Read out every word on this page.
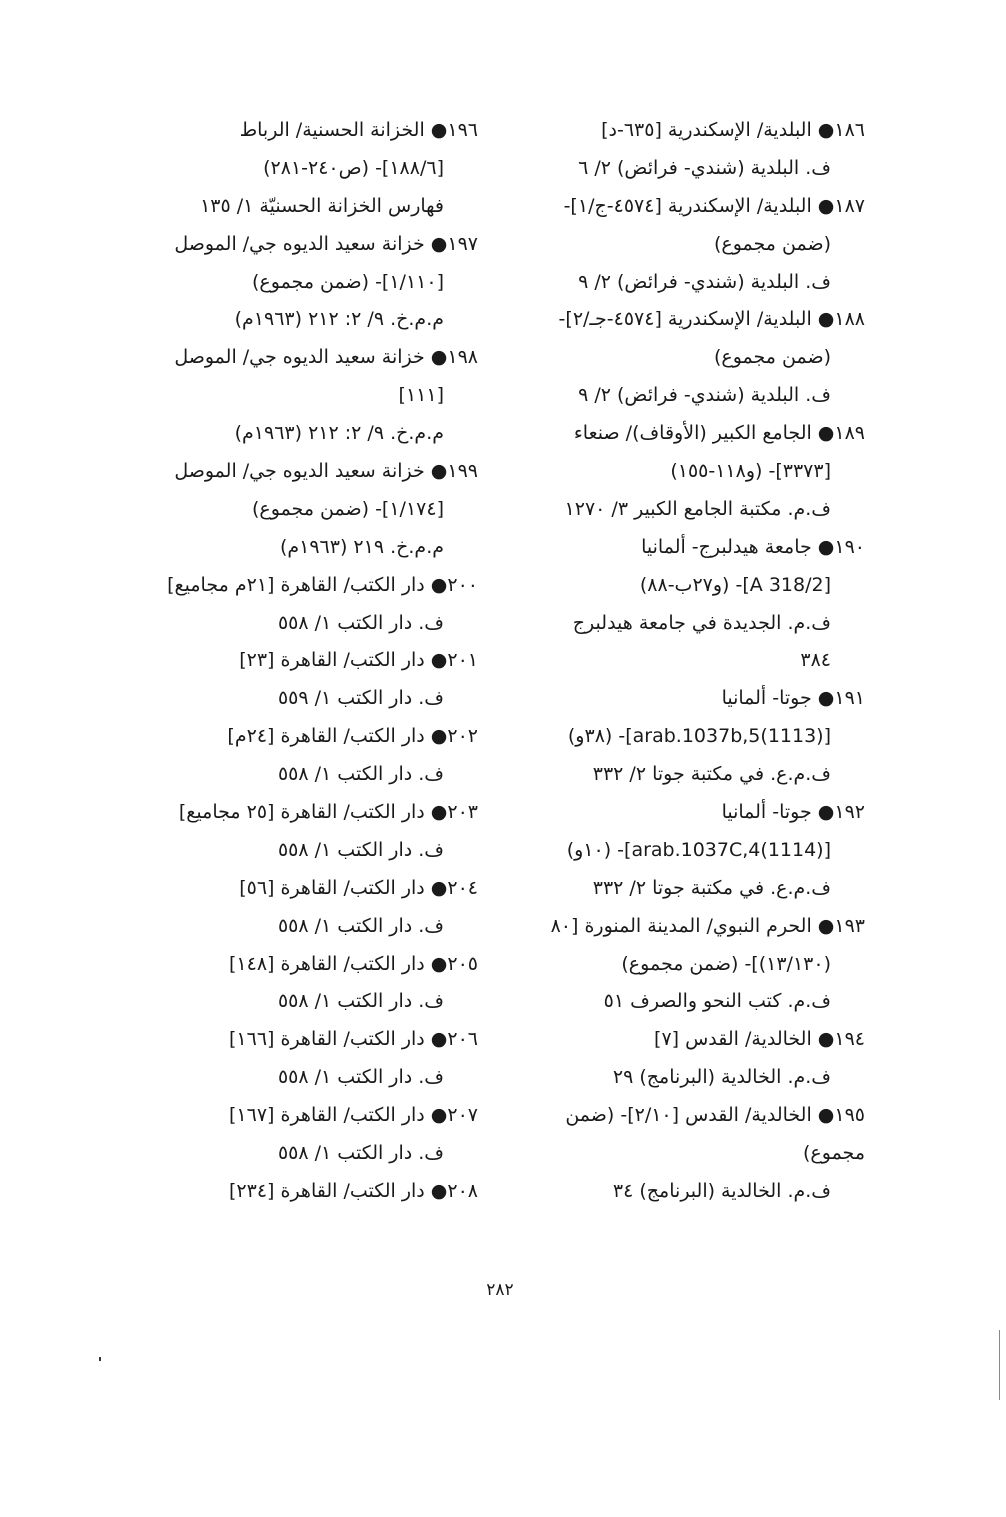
١٨٦● البلدية/ الإسكندرية [٦٣٥-د]
ف. البلدية (شندي- فرائض) ٢/ ٦
١٨٧● البلدية/ الإسكندرية [٤٥٧٤-ج/١]-
(ضمن مجموع)
ف. البلدية (شندي- فرائض) ٢/ ٩
١٨٨● البلدية/ الإسكندرية [٤٥٧٤-جـ/٢]-
(ضمن مجموع)
ف. البلدية (شندي- فرائض) ٢/ ٩
١٨٩● الجامع الكبير (الأوقاف)/ صنعاء
[٣٣٧٣]- (و١١٨-١٥٥)
ف.م. مكتبة الجامع الكبير ٣/ ١٢٧٠
١٩٠● جامعة هيدلبرج- ألمانيا
[A 318/2]- (و٢٧ب-٨٨)
ف.م. الجديدة في جامعة هيدلبرج
٣٨٤
١٩١● جوتا- ألمانيا
[(1113)arab.1037b,5]- (٣٨و)
ف.م.ع. في مكتبة جوتا ٢/ ٣٣٢
١٩٢● جوتا- ألمانيا
[(1114)arab.1037C,4]- (١٠و)
ف.م.ع. في مكتبة جوتا ٢/ ٣٣٢
١٩٣● الحرم النبوي/ المدينة المنورة [٨٠
(١٣/١٣٠)]- (ضمن مجموع)
ف.م. كتب النحو والصرف ٥١
١٩٤● الخالدية/ القدس [٧]
ف.م. الخالدية (البرنامج) ٢٩
١٩٥● الخالدية/ القدس [٢/١٠]- (ضمن
مجموع)
ف.م. الخالدية (البرنامج) ٣٤
١٩٦● الخزانة الحسنية/ الرباط
[١٨٨/٦]- (ص٢٤٠-٢٨١)
فهارس الخزانة الحسنيّة ١/ ١٣٥
١٩٧● خزانة سعيد الديوه جي/ الموصل
[١/١١٠]- (ضمن مجموع)
م.م.خ. ٩/ ٢: ٢١٢ (١٩٦٣م)
١٩٨● خزانة سعيد الديوه جي/ الموصل
[١١١]
م.م.خ. ٩/ ٢: ٢١٢ (١٩٦٣م)
١٩٩● خزانة سعيد الديوه جي/ الموصل
[١/١٧٤]- (ضمن مجموع)
م.م.خ. ٢١٩ (١٩٦٣م)
٢٠٠● دار الكتب/ القاهرة [٢١م مجاميع]
ف. دار الكتب ١/ ٥٥٨
٢٠١● دار الكتب/ القاهرة [٢٣]
ف. دار الكتب ١/ ٥٥٩
٢٠٢● دار الكتب/ القاهرة [٢٤م]
ف. دار الكتب ١/ ٥٥٨
٢٠٣● دار الكتب/ القاهرة [٢٥ مجاميع]
ف. دار الكتب ١/ ٥٥٨
٢٠٤● دار الكتب/ القاهرة [٥٦]
ف. دار الكتب ١/ ٥٥٨
٢٠٥● دار الكتب/ القاهرة [١٤٨]
ف. دار الكتب ١/ ٥٥٨
٢٠٦● دار الكتب/ القاهرة [١٦٦]
ف. دار الكتب ١/ ٥٥٨
٢٠٧● دار الكتب/ القاهرة [١٦٧]
ف. دار الكتب ١/ ٥٥٨
٢٠٨● دار الكتب/ القاهرة [٢٣٤]
٢٨٢
